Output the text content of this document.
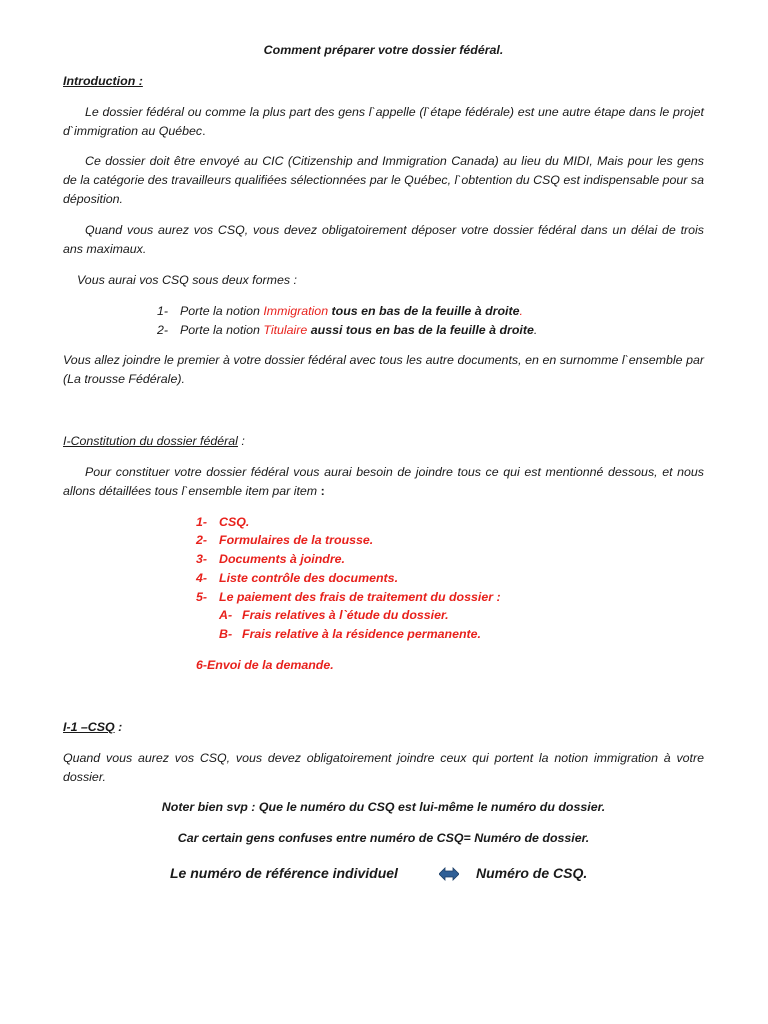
Comment préparer votre dossier fédéral.

Introduction :

Le dossier fédéral ou comme la plus part des gens l`appelle (l`étape fédérale) est une autre étape dans le projet d`immigration au Québec.

Ce dossier doit être envoyé au CIC (Citizenship and Immigration Canada) au lieu du MIDI, Mais pour les gens de la catégorie des travailleurs qualifiées sélectionnées par le Québec, l`obtention du CSQ est indispensable pour sa déposition.

Quand vous aurez vos CSQ, vous devez obligatoirement déposer votre dossier fédéral dans un délai de trois ans maximaux.

Vous aurai vos CSQ sous deux formes :

1- Porte la notion Immigration tous en bas de la feuille à droite.
2- Porte la notion Titulaire aussi tous en bas de la feuille à droite.

Vous allez joindre le premier à votre dossier fédéral avec tous les autre documents, en en surnomme l`ensemble par (La trousse Fédérale).

I-Constitution du dossier fédéral :

Pour constituer votre dossier fédéral vous aurai besoin de joindre tous ce qui est mentionné dessous, et nous allons détaillées tous l`ensemble item par item :

1- CSQ.
2- Formulaires de la trousse.
3- Documents à joindre.
4- Liste contrôle des documents.
5- Le paiement des frais de traitement du dossier :
A- Frais relatives à l`étude du dossier.
B- Frais relative à la résidence permanente.
6-Envoi de la demande.

I-1 –CSQ :

Quand vous aurez vos CSQ, vous devez obligatoirement joindre ceux qui portent la notion immigration à votre dossier.

Noter bien svp : Que le numéro du CSQ est lui-même le numéro du dossier.

Car certain gens confuses entre numéro de CSQ= Numéro de dossier.

Le numéro de référence individuel	Numéro de CSQ.
